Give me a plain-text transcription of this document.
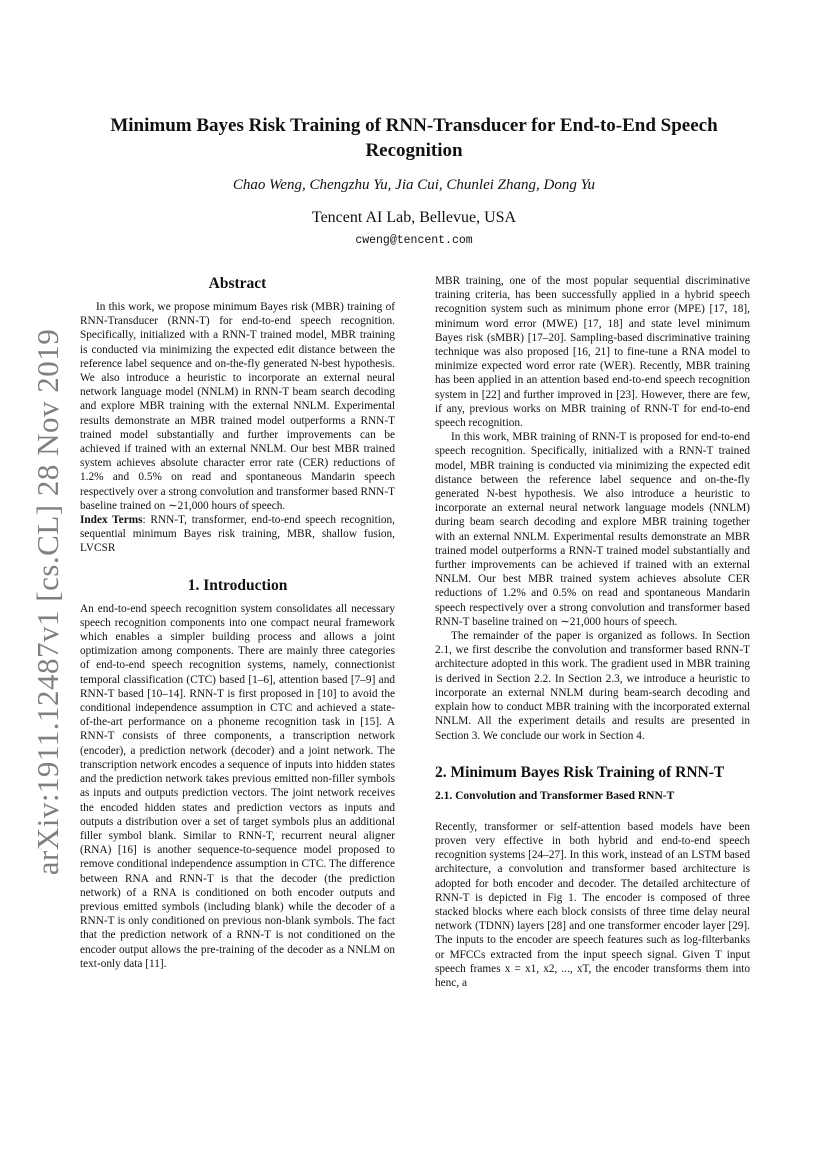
arXiv:1911.12487v1 [cs.CL] 28 Nov 2019
Minimum Bayes Risk Training of RNN-Transducer for End-to-End Speech Recognition
Chao Weng, Chengzhu Yu, Jia Cui, Chunlei Zhang, Dong Yu
Tencent AI Lab, Bellevue, USA
cweng@tencent.com
Abstract

In this work, we propose minimum Bayes risk (MBR) training of RNN-Transducer (RNN-T) for end-to-end speech recognition. Specifically, initialized with a RNN-T trained model, MBR training is conducted via minimizing the expected edit distance between the reference label sequence and on-the-fly generated N-best hypothesis. We also introduce a heuristic to incorporate an external neural network language model (NNLM) in RNN-T beam search decoding and explore MBR training with the external NNLM. Experimental results demonstrate an MBR trained model outperforms a RNN-T trained model substantially and further improvements can be achieved if trained with an external NNLM. Our best MBR trained system achieves absolute character error rate (CER) reductions of 1.2% and 0.5% on read and spontaneous Mandarin speech respectively over a strong convolution and transformer based RNN-T baseline trained on ∼21,000 hours of speech.

Index Terms: RNN-T, transformer, end-to-end speech recognition, sequential minimum Bayes risk training, MBR, shallow fusion, LVCSR

1. Introduction

An end-to-end speech recognition system consolidates all necessary speech recognition components into one compact neural framework which enables a simpler building process and allows a joint optimization among components. There are mainly three categories of end-to-end speech recognition systems, namely, connectionist temporal classification (CTC) based [1–6], attention based [7–9] and RNN-T based [10–14]. RNN-T is first proposed in [10] to avoid the conditional independence assumption in CTC and achieved a state-of-the-art performance on a phoneme recognition task in [15]. A RNN-T consists of three components, a transcription network (encoder), a prediction network (decoder) and a joint network. The transcription network encodes a sequence of inputs into hidden states and the prediction network takes previous emitted non-filler symbols as inputs and outputs prediction vectors. The joint network receives the encoded hidden states and prediction vectors as inputs and outputs a distribution over a set of target symbols plus an additional filler symbol blank. Similar to RNN-T, recurrent neural aligner (RNA) [16] is another sequence-to-sequence model proposed to remove conditional independence assumption in CTC. The difference between RNA and RNN-T is that the decoder (the prediction network) of a RNA is conditioned on both encoder outputs and previous emitted symbols (including blank) while the decoder of a RNN-T is only conditioned on previous non-blank symbols. The fact that the prediction network of a RNN-T is not conditioned on the encoder output allows the pre-training of the decoder as a NNLM on text-only data [11].

MBR training, one of the most popular sequential discriminative training criteria, has been successfully applied in a hybrid speech recognition system such as minimum phone error (MPE) [17, 18], minimum word error (MWE) [17, 18] and state level minimum Bayes risk (sMBR) [17–20]. Sampling-based discriminative training technique was also proposed [16, 21] to fine-tune a RNA model to minimize expected word error rate (WER). Recently, MBR training has been applied in an attention based end-to-end speech recognition system in [22] and further improved in [23]. However, there are few, if any, previous works on MBR training of RNN-T for end-to-end speech recognition.

In this work, MBR training of RNN-T is proposed for end-to-end speech recognition. Specifically, initialized with a RNN-T trained model, MBR training is conducted via minimizing the expected edit distance between the reference label sequence and on-the-fly generated N-best hypothesis. We also introduce a heuristic to incorporate an external neural network language models (NNLM) during beam search decoding and explore MBR training together with an external NNLM. Experimental results demonstrate an MBR trained model outperforms a RNN-T trained model substantially and further improvements can be achieved if trained with an external NNLM. Our best MBR trained system achieves absolute CER reductions of 1.2% and 0.5% on read and spontaneous Mandarin speech respectively over a strong convolution and transformer based RNN-T baseline trained on ∼21,000 hours of speech.

The remainder of the paper is organized as follows. In Section 2.1, we first describe the convolution and transformer based RNN-T architecture adopted in this work. The gradient used in MBR training is derived in Section 2.2. In Section 2.3, we introduce a heuristic to incorporate an external NNLM during beam-search decoding and explain how to conduct MBR training with the incorporated external NNLM. All the experiment details and results are presented in Section 3. We conclude our work in Section 4.

2. Minimum Bayes Risk Training of RNN-T
2.1. Convolution and Transformer Based RNN-T

Recently, transformer or self-attention based models have been proven very effective in both hybrid and end-to-end speech recognition systems [24–27]. In this work, instead of an LSTM based architecture, a convolution and transformer based architecture is adopted for both encoder and decoder. The detailed architecture of RNN-T is depicted in Fig 1. The encoder is composed of three stacked blocks where each block consists of three time delay neural network (TDNN) layers [28] and one transformer encoder layer [29]. The inputs to the encoder are speech features such as log-filterbanks or MFCCs extracted from the input speech signal. Given T input speech frames x = x1, x2, ..., xT, the encoder transforms them into henc, a
